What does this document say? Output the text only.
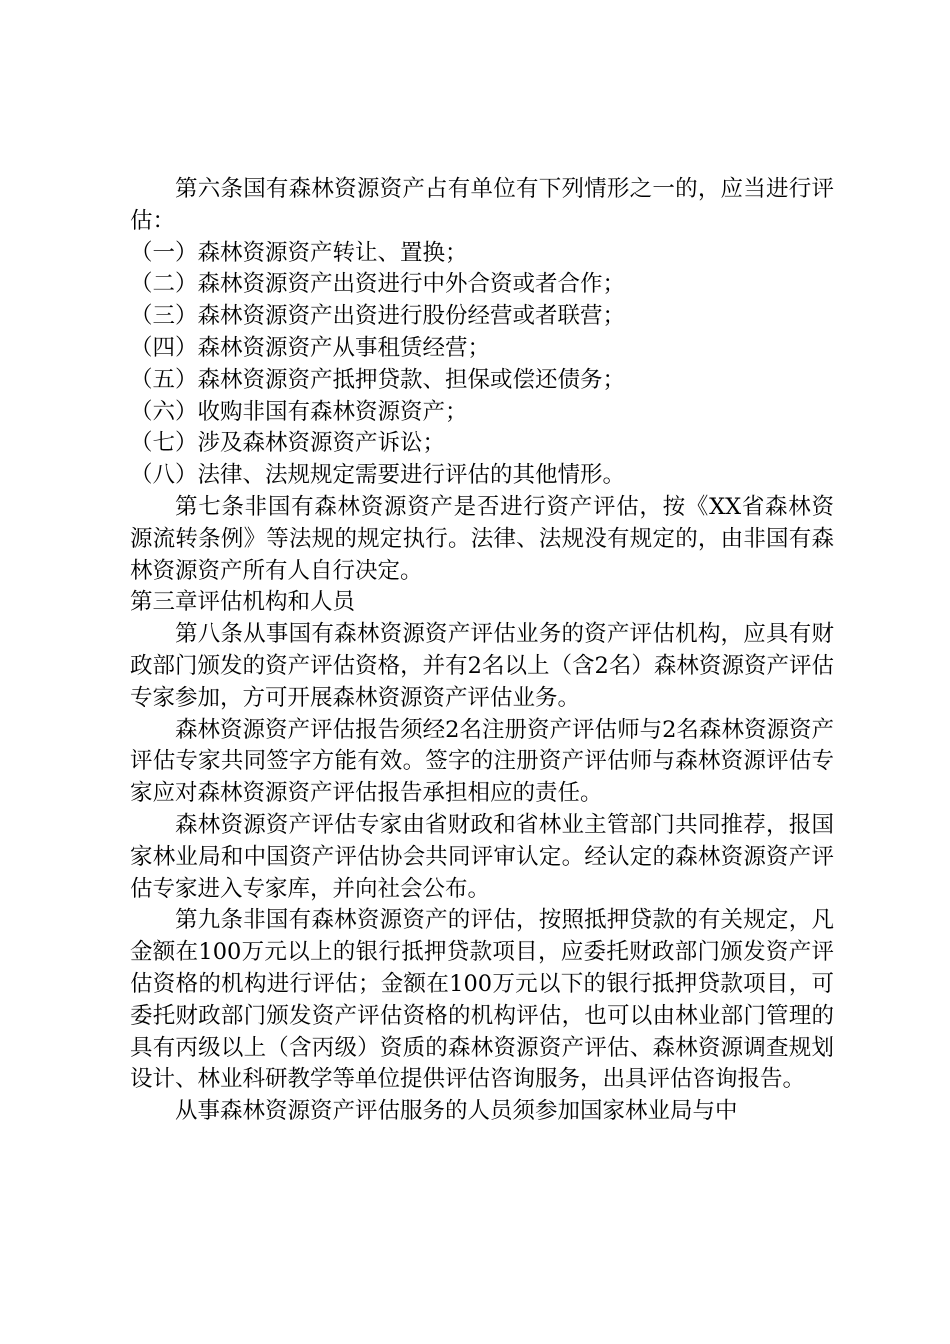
第六条国有森林资源资产占有单位有下列情形之一的，应当进行评估：

（一）森林资源资产转让、置换；

（二）森林资源资产出资进行中外合资或者合作；

（三）森林资源资产出资进行股份经营或者联营；

（四）森林资源资产从事租赁经营；

（五）森林资源资产抵押贷款、担保或偿还债务；

（六）收购非国有森林资源资产；

（七）涉及森林资源资产诉讼；

（八）法律、法规规定需要进行评估的其他情形。

第七条非国有森林资源资产是否进行资产评估，按《XX省森林资源流转条例》等法规的规定执行。法律、法规没有规定的，由非国有森林资源资产所有人自行决定。

第三章评估机构和人员

第八条从事国有森林资源资产评估业务的资产评估机构，应具有财政部门颁发的资产评估资格，并有2名以上（含2名）森林资源资产评估专家参加，方可开展森林资源资产评估业务。

森林资源资产评估报告须经2名注册资产评估师与2名森林资源资产评估专家共同签字方能有效。签字的注册资产评估师与森林资源评估专家应对森林资源资产评估报告承担相应的责任。

森林资源资产评估专家由省财政和省林业主管部门共同推荐，报国家林业局和中国资产评估协会共同评审认定。经认定的森林资源资产评估专家进入专家库，并向社会公布。

第九条非国有森林资源资产的评估，按照抵押贷款的有关规定，凡金额在100万元以上的银行抵押贷款项目，应委托财政部门颁发资产评估资格的机构进行评估；金额在100万元以下的银行抵押贷款项目，可委托财政部门颁发资产评估资格的机构评估，也可以由林业部门管理的具有丙级以上（含丙级）资质的森林资源资产评估、森林资源调查规划设计、林业科研教学等单位提供评估咨询服务，出具评估咨询报告。

从事森林资源资产评估服务的人员须参加国家林业局与中
